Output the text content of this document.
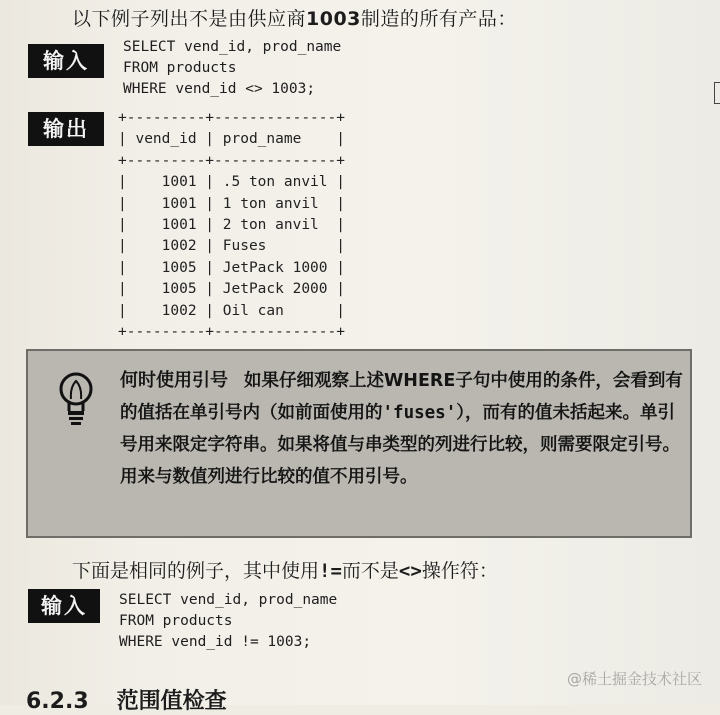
以下例子列出不是由供应商1003制造的所有产品：
输入
SELECT vend_id, prod_name
FROM products
WHERE vend_id <> 1003;
输出	+---------+--------------+
| vend_id | prod_name    |
+---------+--------------+
|    1001 | .5 ton anvil |
|    1001 | 1 ton anvil  |
|    1001 | 2 ton anvil  |
|    1002 | Fuses        |
|    1005 | JetPack 1000 |
|    1005 | JetPack 2000 |
|    1002 | Oil can      |
+---------+--------------+
何时使用引号 如果仔细观察上述WHERE子句中使用的条件，会看到有的值括在单引号内（如前面使用的'fuses'），而有的值未括起来。单引号用来限定字符串。如果将值与串类型的列进行比较，则需要限定引号。用来与数值列进行比较的值不用引号。
下面是相同的例子，其中使用!=而不是<>操作符：
输入	SELECT vend_id, prod_name
FROM products
WHERE vend_id != 1003;
@稀土掘金技术社区
6.2.3 范围值检查
